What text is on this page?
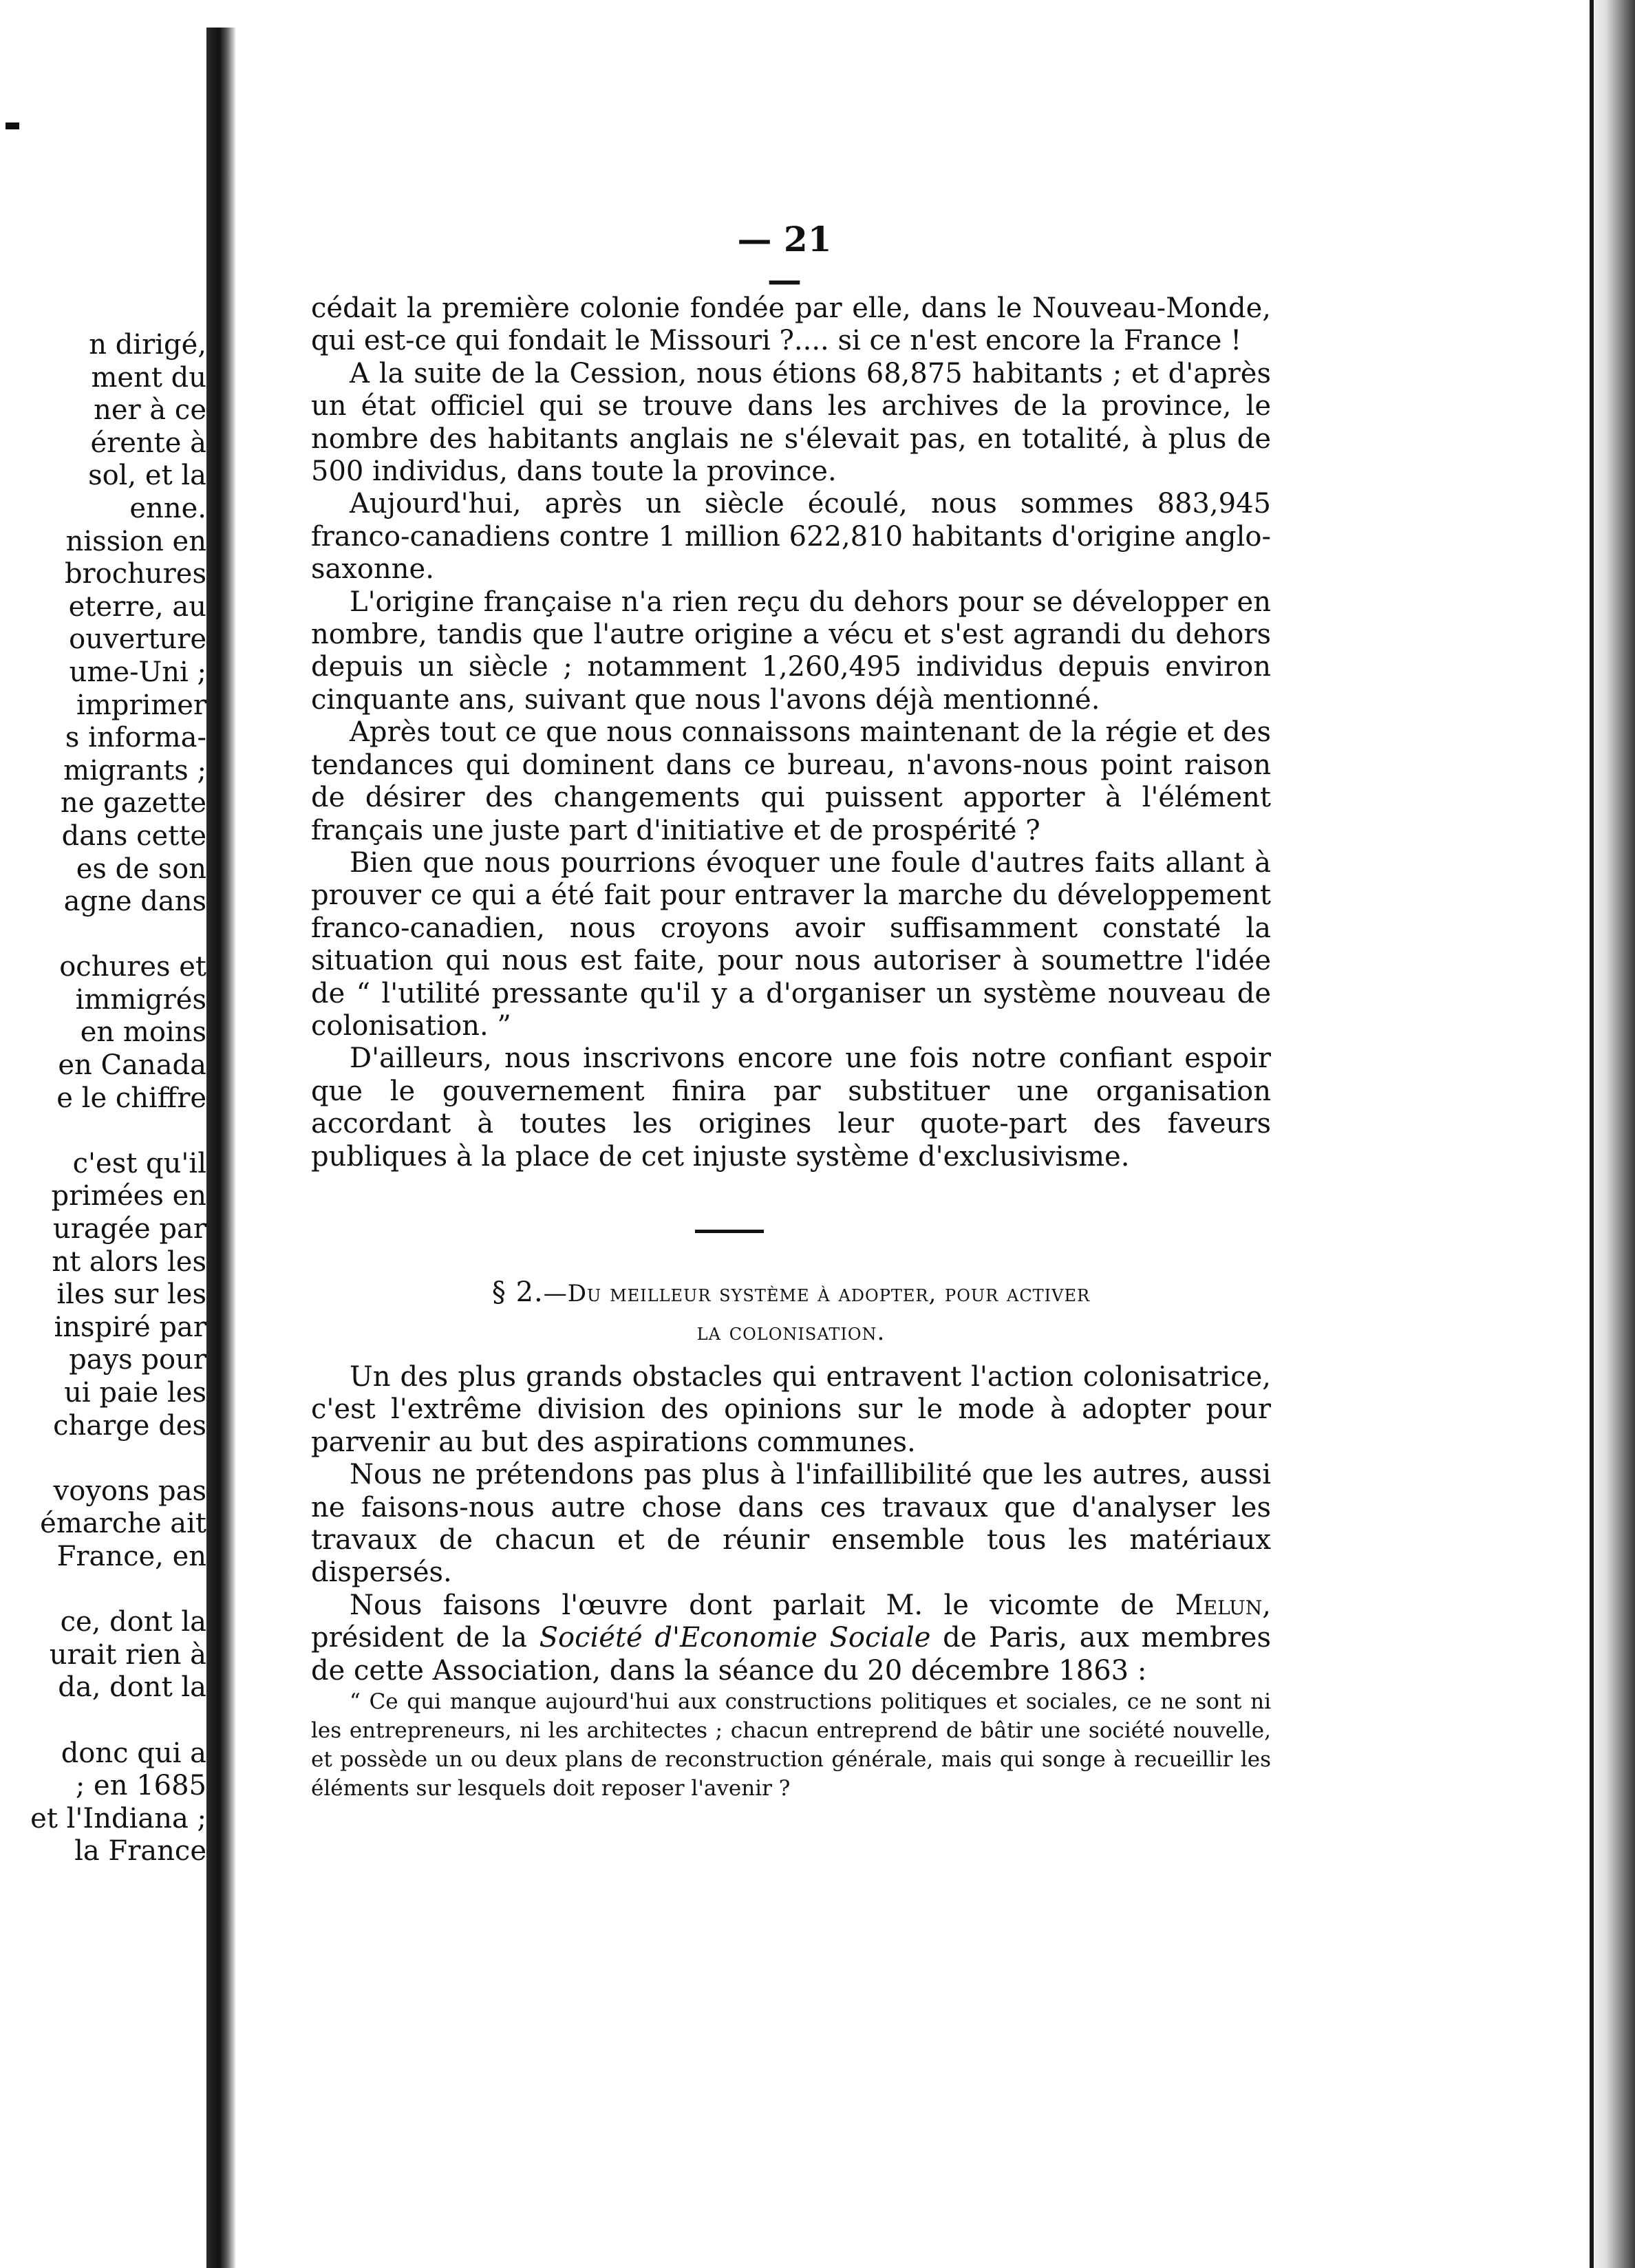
n dirigé,
ment du
ner à ce
érente à
sol, et la
enne.
nission en
brochures
eterre, au
ouverture
ume-Uni ;
imprimer
s informa-
migrants ;
ne gazette
dans cette
es de son
agne dans
ochures et
immigrés
en moins
en Canada
e le chiffre
c'est qu'il
primées en
uragée par
nt alors les
iles sur les
inspiré par
pays pour
ui paie les
charge des
voyons pas
émarche ait
France, en
ce, dont la
urait rien à
da, dont la
donc qui a
; en 1685
et l'Indiana ;
la France
— 21 —

cédait la première colonie fondée par elle, dans le Nouveau-Monde, qui est-ce qui fondait le Missouri ?.... si ce n'est encore la France !

A la suite de la Cession, nous étions 68,875 habitants ; et d'après un état officiel qui se trouve dans les archives de la province, le nombre des habitants anglais ne s'élevait pas, en totalité, à plus de 500 individus, dans toute la province.

Aujourd'hui, après un siècle écoulé, nous sommes 883,945 franco-canadiens contre 1 million 622,810 habitants d'origine anglo-saxonne.

L'origine française n'a rien reçu du dehors pour se développer en nombre, tandis que l'autre origine a vécu et s'est agrandi du dehors depuis un siècle ; notamment 1,260,495 individus depuis environ cinquante ans, suivant que nous l'avons déjà mentionné.

Après tout ce que nous connaissons maintenant de la régie et des tendances qui dominent dans ce bureau, n'avons-nous point raison de désirer des changements qui puissent apporter à l'élément français une juste part d'initiative et de prospérité ?

Bien que nous pourrions évoquer une foule d'autres faits allant à prouver ce qui a été fait pour entraver la marche du développement franco-canadien, nous croyons avoir suffisamment constaté la situation qui nous est faite, pour nous autoriser à soumettre l'idée de “ l'utilité pressante qu'il y a d'organiser un système nouveau de colonisation. ”

D'ailleurs, nous inscrivons encore une fois notre confiant espoir que le gouvernement finira par substituer une organisation accordant à toutes les origines leur quote-part des faveurs publiques à la place de cet injuste système d'exclusivisme.

§ 2.—Du meilleur système à adopter, pour activer
la colonisation.

Un des plus grands obstacles qui entravent l'action colonisatrice, c'est l'extrême division des opinions sur le mode à adopter pour parvenir au but des aspirations communes.

Nous ne prétendons pas plus à l'infaillibilité que les autres, aussi ne faisons-nous autre chose dans ces travaux que d'analyser les travaux de chacun et de réunir ensemble tous les matériaux dispersés.

Nous faisons l'œuvre dont parlait M. le vicomte de Melun, président de la Société d'Economie Sociale de Paris, aux membres de cette Association, dans la séance du 20 décembre 1863 :

“ Ce qui manque aujourd'hui aux constructions politiques et sociales, ce ne sont ni les entrepreneurs, ni les architectes ; chacun entreprend de bâtir une société nouvelle, et possède un ou deux plans de reconstruction générale, mais qui songe à recueillir les éléments sur lesquels doit reposer l'avenir ?
